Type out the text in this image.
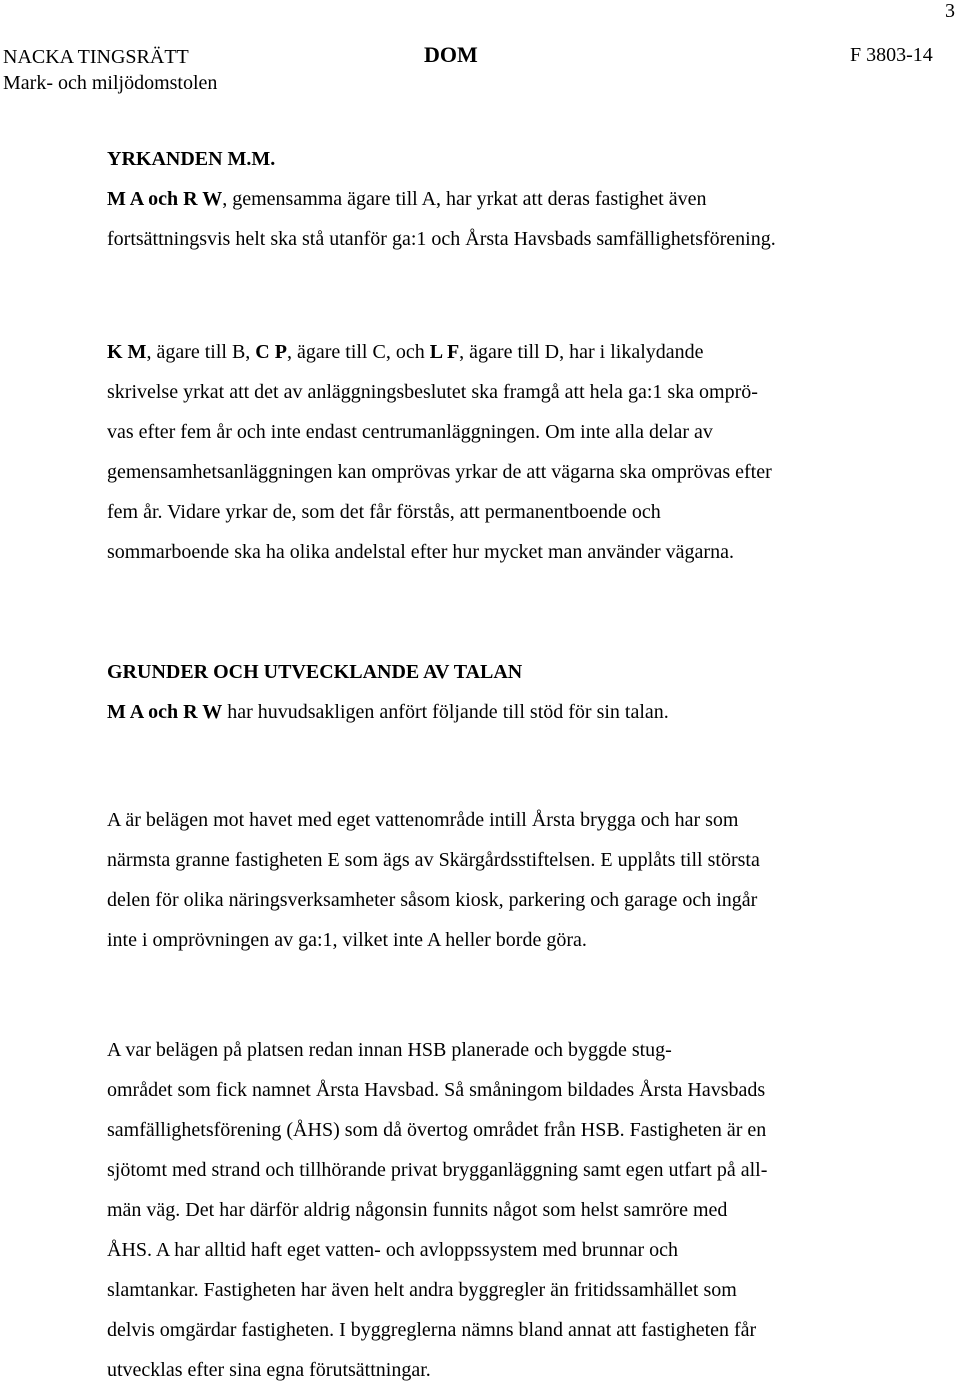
3
NACKA TINGSRÄTT
Mark- och miljödomstolen
DOM	F 3803-14
YRKANDEN M.M.
M A och R W, gemensamma ägare till A, har yrkat att deras fastighet även
fortsättningsvis helt ska stå utanför ga:1 och Årsta Havsbads samfällighetsförening.
K M, ägare till B, C P, ägare till C, och L F, ägare till D, har i likalydande
skrivelse yrkat att det av anläggningsbeslutet ska framgå att hela ga:1 ska omprö-
vas efter fem år och inte endast centrumanläggningen. Om inte alla delar av
gemensamhetsanläggningen kan omprövas yrkar de att vägarna ska omprövas efter
fem år. Vidare yrkar de, som det får förstås, att permanentboende och
sommarboende ska ha olika andelstal efter hur mycket man använder vägarna.
GRUNDER OCH UTVECKLANDE AV TALAN
M A och R W har huvudsakligen anfört följande till stöd för sin talan.
A är belägen mot havet med eget vattenområde intill Årsta brygga och har som
närmsta granne fastigheten E som ägs av Skärgårdsstiftelsen. E upplåts till största
delen för olika näringsverksamheter såsom kiosk, parkering och garage och ingår
inte i omprövningen av ga:1, vilket inte A heller borde göra.
A var belägen på platsen redan innan HSB planerade och byggde stug-
området som fick namnet Årsta Havsbad. Så småningom bildades Årsta Havsbads
samfällighetsförening (ÅHS) som då övertog området från HSB. Fastigheten är en
sjötomt med strand och tillhörande privat brygganläggning samt egen utfart på all-
män väg. Det har därför aldrig någonsin funnits något som helst samröre med
ÅHS. A har alltid haft eget vatten- och avloppssystem med brunnar och
slamtankar. Fastigheten har även helt andra byggregler än fritidssamhället som
delvis omgärdar fastigheten. I byggreglerna nämns bland annat att fastigheten får
utvecklas efter sina egna förutsättningar.
